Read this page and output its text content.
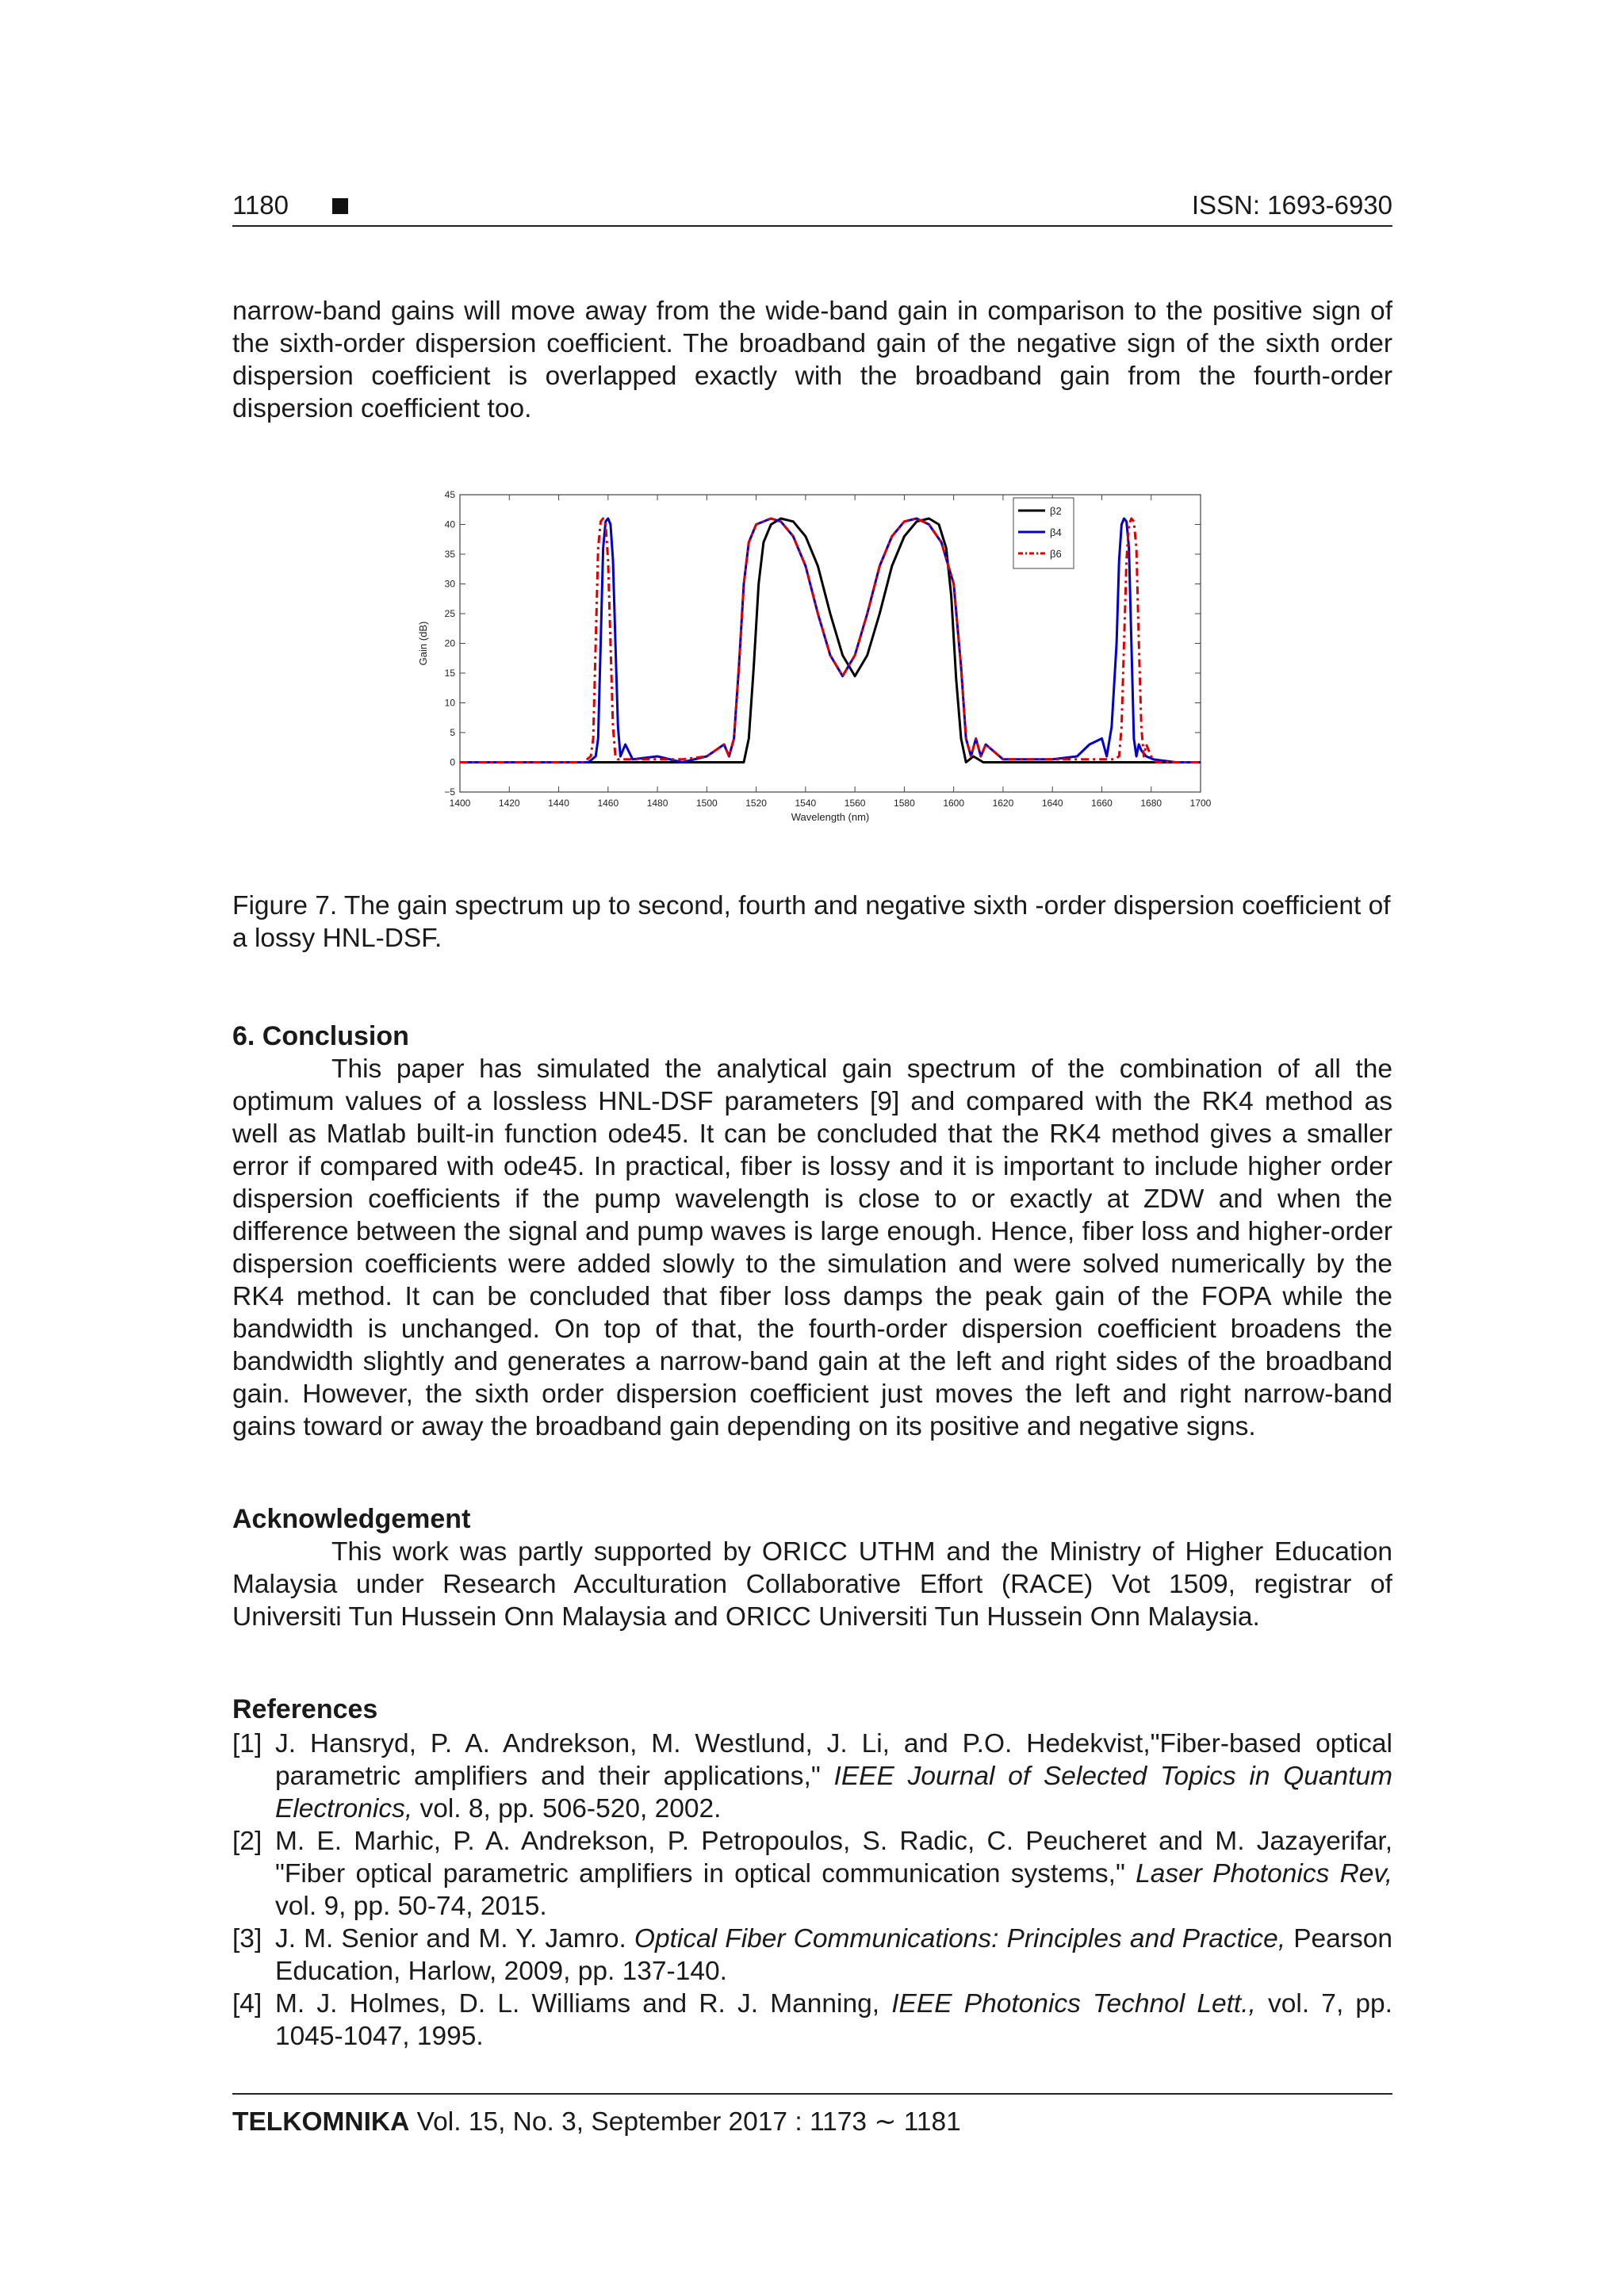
1180	ISSN: 1693-6930

narrow-band gains will move away from the wide-band gain in comparison to the positive sign of the sixth-order dispersion coefficient. The broadband gain of the negative sign of the sixth order dispersion coefficient is overlapped exactly with the broadband gain from the fourth-order dispersion coefficient too.

1400	1420	1440	1460	1480	1500	1520	1540	1560	1580	1600	1620	1640	1660	1680	1700
−5
0
5
10
15
20
25
30
35
40
45
Wavelength (nm)
Gain (dB)
β2
β4
β6

Figure 7. The gain spectrum up to second, fourth and negative sixth -order dispersion coefficient of a lossy HNL-DSF.

6. Conclusion

This paper has simulated the analytical gain spectrum of the combination of all the optimum values of a lossless HNL-DSF parameters [9] and compared with the RK4 method as well as Matlab built-in function ode45. It can be concluded that the RK4 method gives a smaller error if compared with ode45. In practical, fiber is lossy and it is important to include higher order dispersion coefficients if the pump wavelength is close to or exactly at ZDW and when the difference between the signal and pump waves is large enough. Hence, fiber loss and higher-order dispersion coefficients were added slowly to the simulation and were solved numerically by the RK4 method. It can be concluded that fiber loss damps the peak gain of the FOPA while the bandwidth is unchanged. On top of that, the fourth-order dispersion coefficient broadens the bandwidth slightly and generates a narrow-band gain at the left and right sides of the broadband gain. However, the sixth order dispersion coefficient just moves the left and right narrow-band gains toward or away the broadband gain depending on its positive and negative signs.

Acknowledgement

This work was partly supported by ORICC UTHM and the Ministry of Higher Education Malaysia under Research Acculturation Collaborative Effort (RACE) Vot 1509, registrar of Universiti Tun Hussein Onn Malaysia and ORICC Universiti Tun Hussein Onn Malaysia.

References
[1] J. Hansryd, P. A. Andrekson, M. Westlund, J. Li, and P.O. Hedekvist,"Fiber-based optical parametric amplifiers and their applications," IEEE Journal of Selected Topics in Quantum Electronics, vol. 8, pp. 506-520, 2002.
[2] M. E. Marhic, P. A. Andrekson, P. Petropoulos, S. Radic, C. Peucheret and M. Jazayerifar, "Fiber optical parametric amplifiers in optical communication systems," Laser Photonics Rev, vol. 9, pp. 50-74, 2015.
[3] J. M. Senior and M. Y. Jamro. Optical Fiber Communications: Principles and Practice, Pearson Education, Harlow, 2009, pp. 137-140.
[4] M. J. Holmes, D. L. Williams and R. J. Manning, IEEE Photonics Technol Lett., vol. 7, pp. 1045-1047, 1995.
TELKOMNIKA Vol. 15, No. 3, September 2017 : 1173 ∼ 1181
